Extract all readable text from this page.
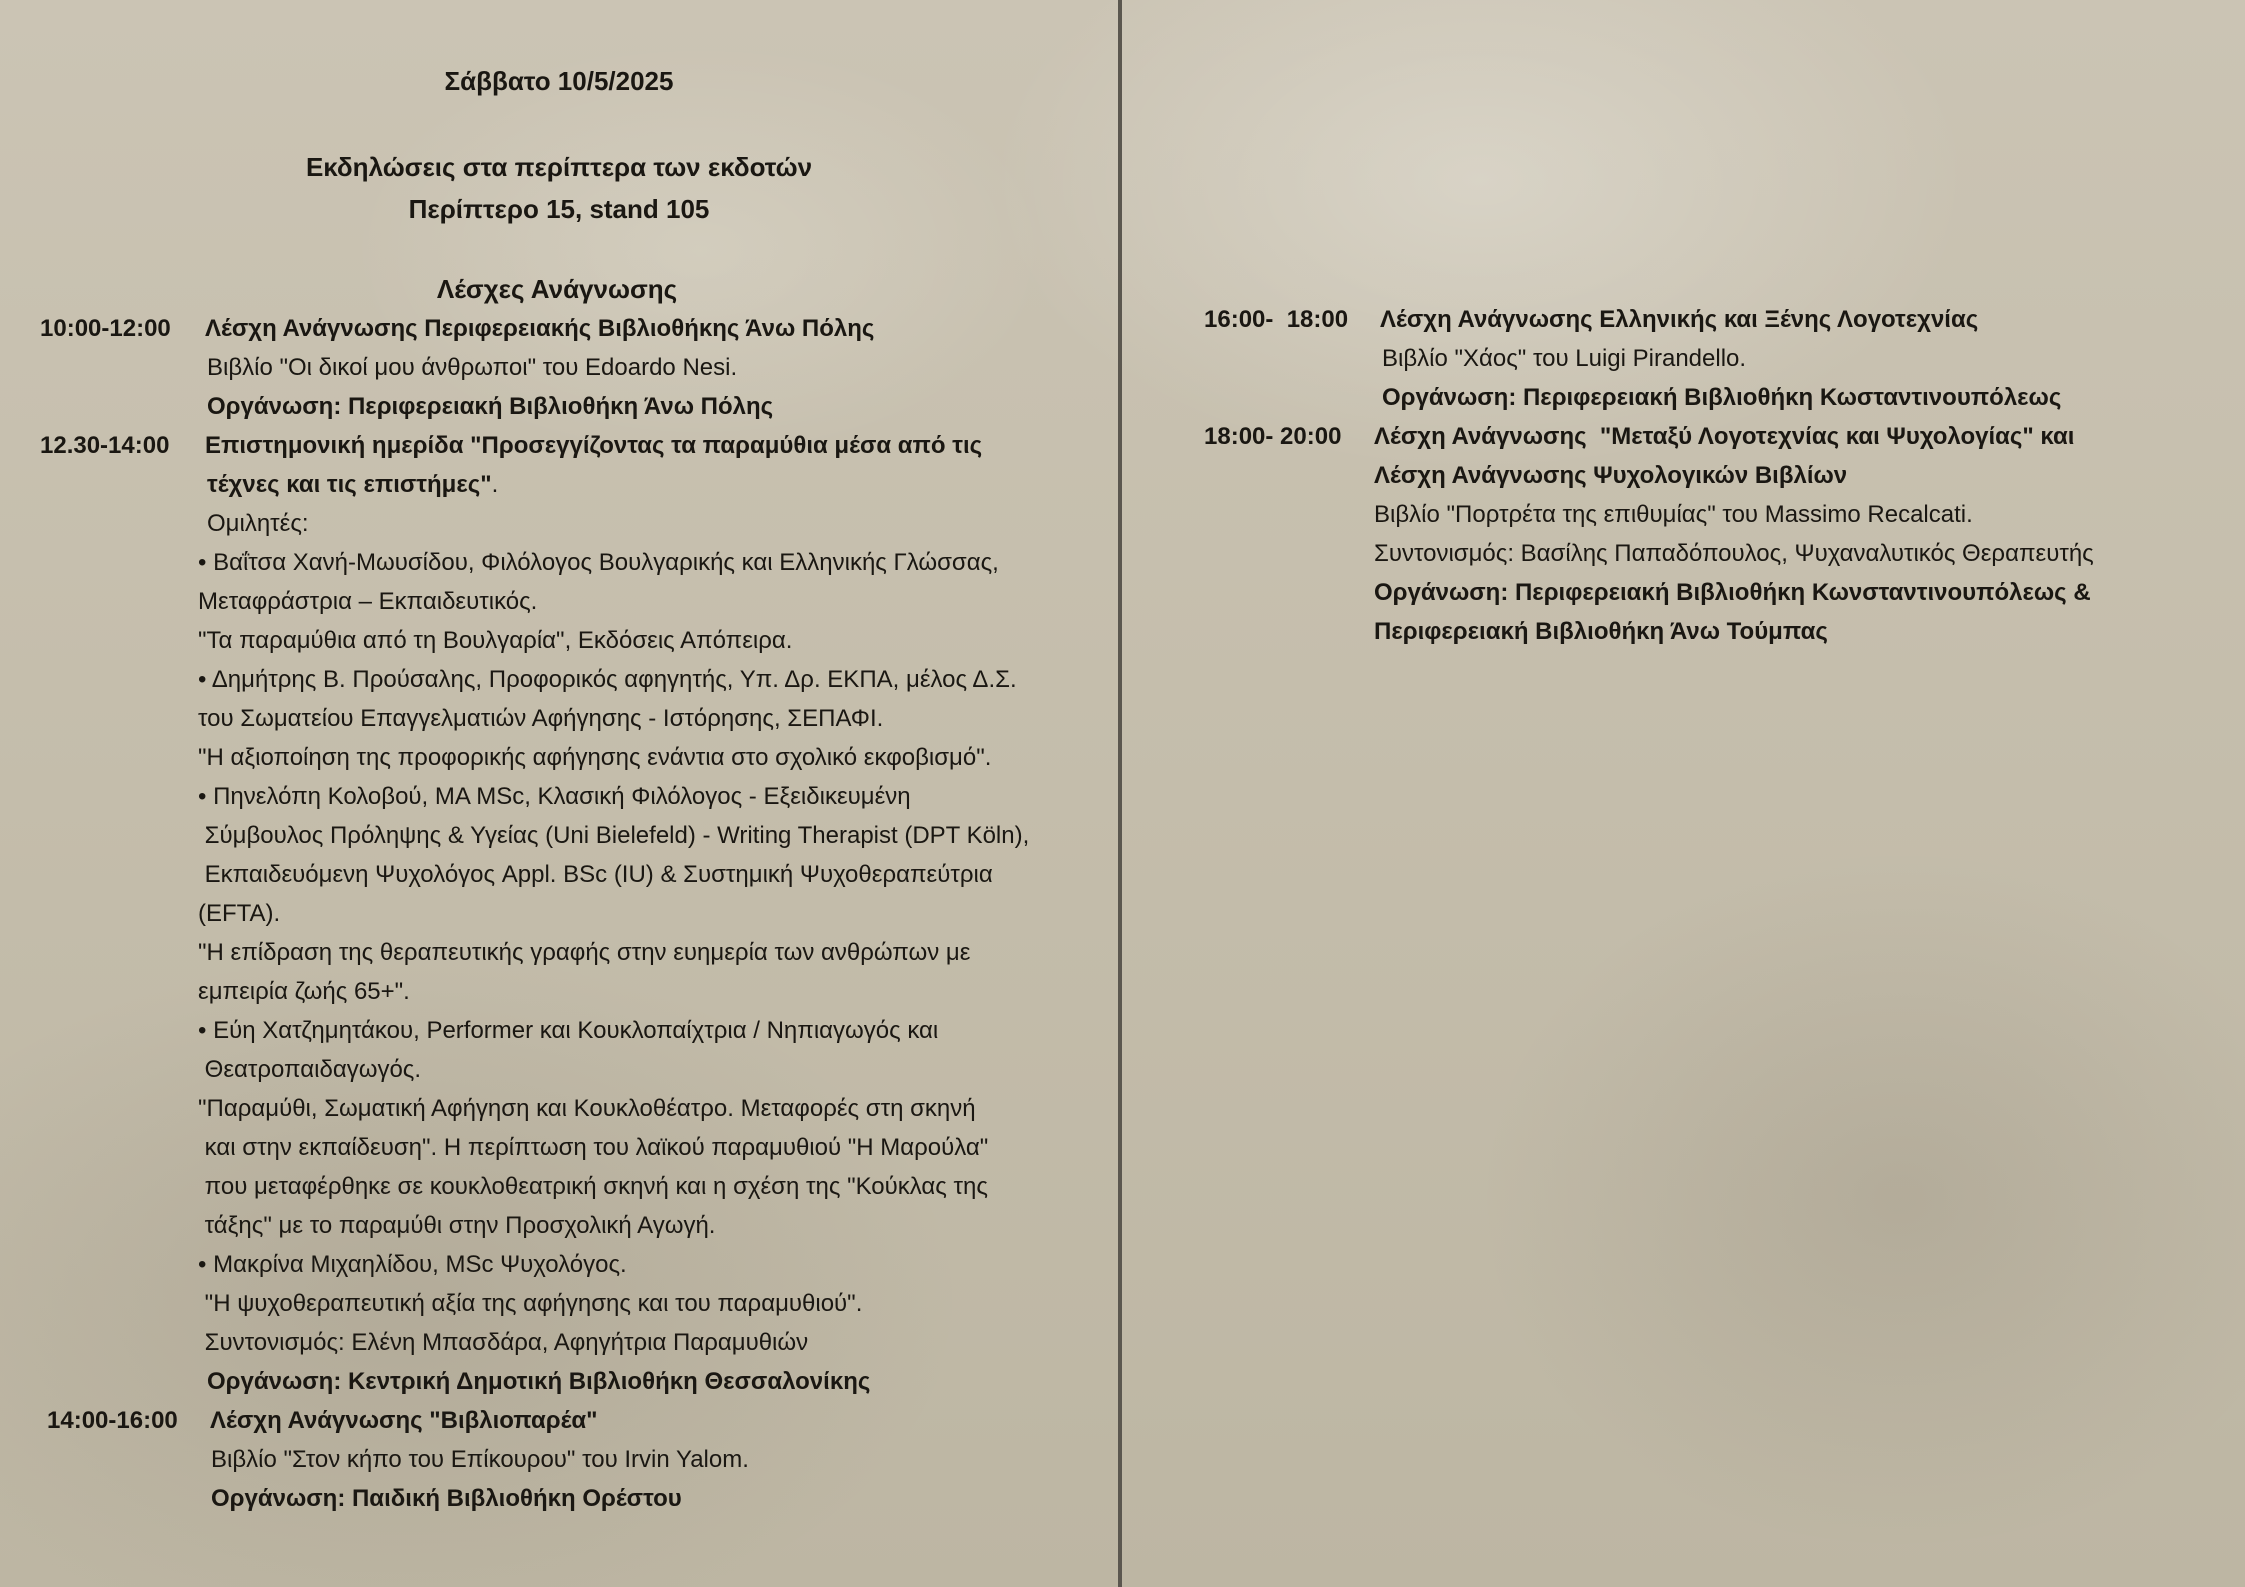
Σάββατο 10/5/2025
Εκδηλώσεις στα περίπτερα των εκδοτών
Περίπτερο 15, stand 105
Λέσχες Ανάγνωσης
10:00-12:00 Λέσχη Ανάγνωσης Περιφερειακής Βιβλιοθήκης Άνω Πόλης
Βιβλίο "Οι δικοί μου άνθρωποι" του Edoardo Nesi.
Οργάνωση: Περιφερειακή Βιβλιοθήκη Άνω Πόλης
12.30-14:00 Επιστημονική ημερίδα "Προσεγγίζοντας τα παραμύθια μέσα από τις
τέχνες και τις επιστήμες".
Ομιλητές:
• Βαΐτσα Χανή-Μωυσίδου, Φιλόλογος Βουλγαρικής και Ελληνικής Γλώσσας,
Μεταφράστρια – Εκπαιδευτικός.
"Τα παραμύθια από τη Βουλγαρία", Εκδόσεις Απόπειρα.
• Δημήτρης Β. Προύσαλης, Προφορικός αφηγητής, Υπ. Δρ. ΕΚΠΑ, μέλος Δ.Σ.
του Σωματείου Επαγγελματιών Αφήγησης - Ιστόρησης, ΣΕΠΑΦΙ.
"Η αξιοποίηση της προφορικής αφήγησης ενάντια στο σχολικό εκφοβισμό".
• Πηνελόπη Κολοβού, MA MSc, Κλασική Φιλόλογος - Εξειδικευμένη
Σύμβουλος Πρόληψης & Υγείας (Uni Bielefeld) - Writing Therapist (DPT Köln),
Εκπαιδευόμενη Ψυχολόγος Appl. BSc (IU) & Συστημική Ψυχοθεραπεύτρια
(EFTA).
"Η επίδραση της θεραπευτικής γραφής στην ευημερία των ανθρώπων με
εμπειρία ζωής 65+".
• Εύη Χατζημητάκου, Performer και Κουκλοπαίχτρια / Νηπιαγωγός και
Θεατροπαιδαγωγός.
"Παραμύθι, Σωματική Αφήγηση και Κουκλοθέατρο. Μεταφορές στη σκηνή
και στην εκπαίδευση". Η περίπτωση του λαϊκού παραμυθιού "Η Μαρούλα"
που μεταφέρθηκε σε κουκλοθεατρική σκηνή και η σχέση της "Κούκλας της
τάξης" με το παραμύθι στην Προσχολική Αγωγή.
• Μακρίνα Μιχαηλίδου, MSc Ψυχολόγος.
"Η ψυχοθεραπευτική αξία της αφήγησης και του παραμυθιού".
Συντονισμός: Ελένη Μπασδάρα, Αφηγήτρια Παραμυθιών
Οργάνωση: Κεντρική Δημοτική Βιβλιοθήκη Θεσσαλονίκης
14:00-16:00 Λέσχη Ανάγνωσης "Βιβλιοπαρέα"
Βιβλίο "Στον κήπο του Επίκουρου" του Irvin Yalom.
Οργάνωση: Παιδική Βιβλιοθήκη Ορέστου
16:00-  18:00 Λέσχη Ανάγνωσης Ελληνικής και Ξένης Λογοτεχνίας
Βιβλίο "Χάος" του Luigi Pirandello.
Οργάνωση: Περιφερειακή Βιβλιοθήκη Κωσταντινουπόλεως
18:00- 20:00 Λέσχη Ανάγνωσης  "Μεταξύ Λογοτεχνίας και Ψυχολογίας" και
Λέσχη Ανάγνωσης Ψυχολογικών Βιβλίων
Βιβλίο "Πορτρέτα της επιθυμίας" του Massimo Recalcati.
Συντονισμός: Βασίλης Παπαδόπουλος, Ψυχαναλυτικός Θεραπευτής
Οργάνωση: Περιφερειακή Βιβλιοθήκη Κωνσταντινουπόλεως &
Περιφερειακή Βιβλιοθήκη Άνω Τούμπας
